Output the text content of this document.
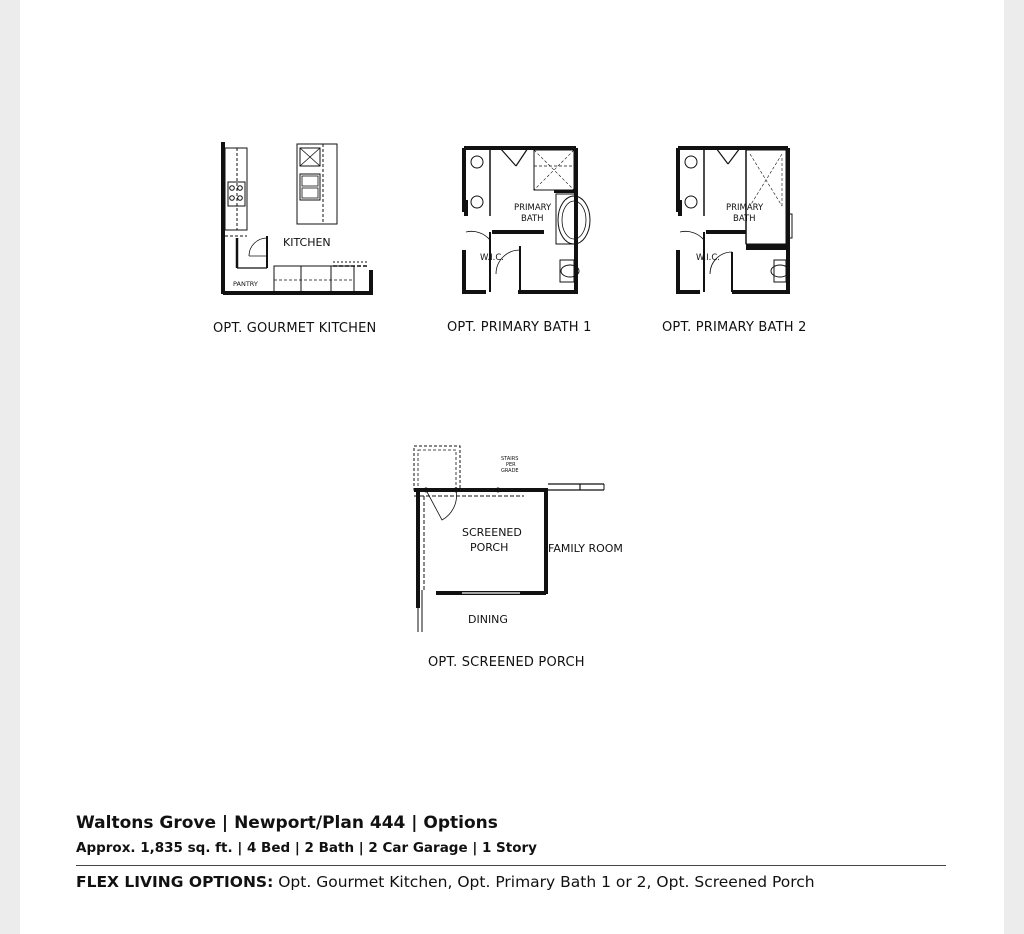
KITCHEN
PANTRY
OPT. GOURMET KITCHEN
PRIMARY
BATH
W.I.C.
OPT. PRIMARY BATH 1
PRIMARY
BATH
W.I.C.
OPT. PRIMARY BATH 2
STAIRS
PER
GRADE
SCREENED
PORCH	FAMILY ROOM
DINING
OPT. SCREENED PORCH
Waltons Grove | Newport/Plan 444 | Options
Approx. 1,835 sq. ft. | 4 Bed | 2 Bath | 2 Car Garage | 1 Story
FLEX LIVING OPTIONS: Opt. Gourmet Kitchen, Opt. Primary Bath 1 or 2, Opt. Screened Porch
